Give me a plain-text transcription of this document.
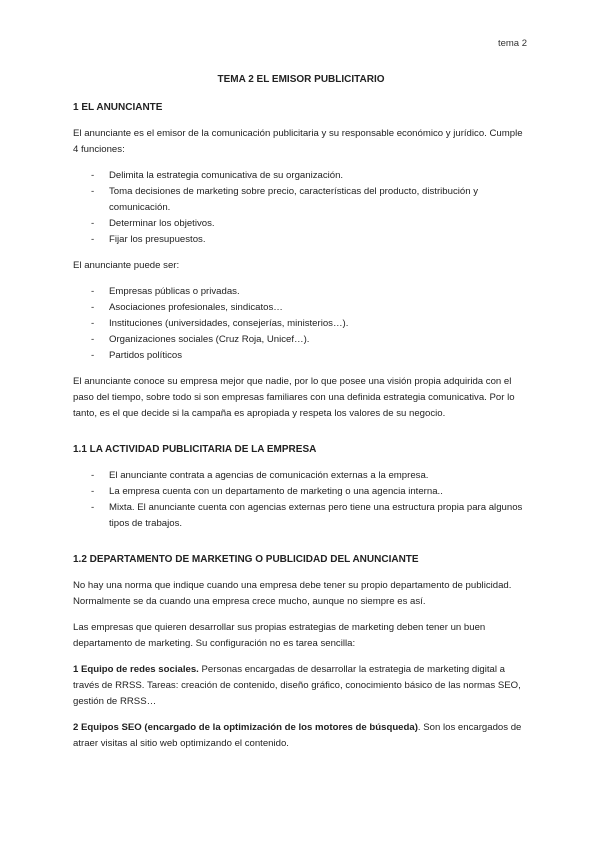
tema 2
TEMA 2 EL EMISOR PUBLICITARIO
1 EL ANUNCIANTE

El anunciante es el emisor de la comunicación publicitaria y su responsable económico y jurídico. Cumple 4 funciones:

- Delimita la estrategia comunicativa de su organización.
- Toma decisiones de marketing sobre precio, características del producto, distribución y comunicación.
- Determinar los objetivos.
- Fijar los presupuestos.

El anunciante puede ser:

- Empresas públicas o privadas.
- Asociaciones profesionales, sindicatos…
- Instituciones (universidades, consejerías, ministerios…).
- Organizaciones sociales (Cruz Roja, Unicef…).
- Partidos políticos

El anunciante conoce su empresa mejor que nadie, por lo que posee una visión propia adquirida con el paso del tiempo, sobre todo si son empresas familiares con una definida estrategia comunicativa. Por lo tanto, es el que decide si la campaña es apropiada y respeta los valores de su negocio.

1.1 LA ACTIVIDAD PUBLICITARIA DE LA EMPRESA
- El anunciante contrata a agencias de comunicación externas a la empresa.
- La empresa cuenta con un departamento de marketing o una agencia interna..
- Mixta. El anunciante cuenta con agencias externas pero tiene una estructura propia para algunos tipos de trabajos.
1.2 DEPARTAMENTO DE MARKETING O PUBLICIDAD DEL ANUNCIANTE

No hay una norma que indique cuando una empresa debe tener su propio departamento de publicidad. Normalmente se da cuando una empresa crece mucho, aunque no siempre es así.

Las empresas que quieren desarrollar sus propias estrategias de marketing deben tener un buen departamento de marketing. Su configuración no es tarea sencilla:

1 Equipo de redes sociales. Personas encargadas de desarrollar la estrategia de marketing digital a través de RRSS. Tareas: creación de contenido, diseño gráfico, conocimiento básico de las normas SEO, gestión de RRSS…

2 Equipos SEO (encargado de la optimización de los motores de búsqueda). Son los encargados de atraer visitas al sitio web optimizando el contenido.
